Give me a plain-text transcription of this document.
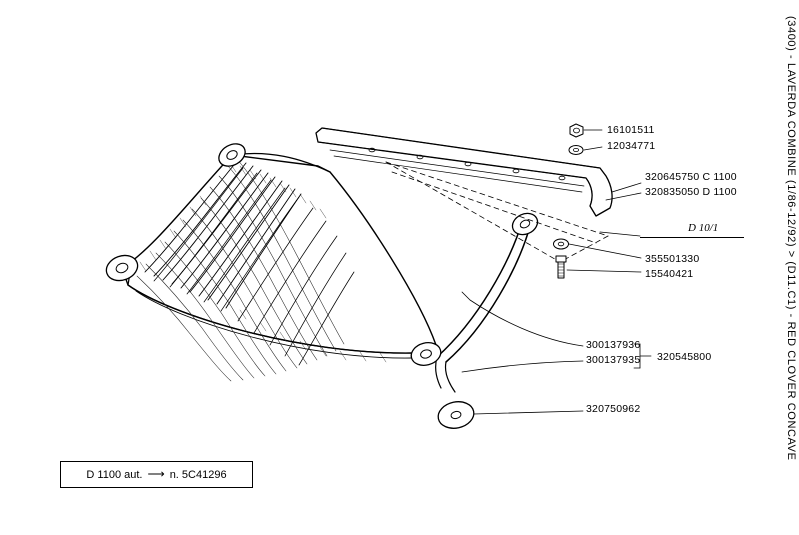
(3400) - LAVERDA COMBINE (1/86-12/92) > (D11.C1) - RED CLOVER CONCAVE
16101511
12034771
320645750 C 1100
320835050 D 1100
355501330
15540421
300137936
300137935 320545800
320750962
D 10/1
D 1100 aut. ⟶ n. 5C41296
